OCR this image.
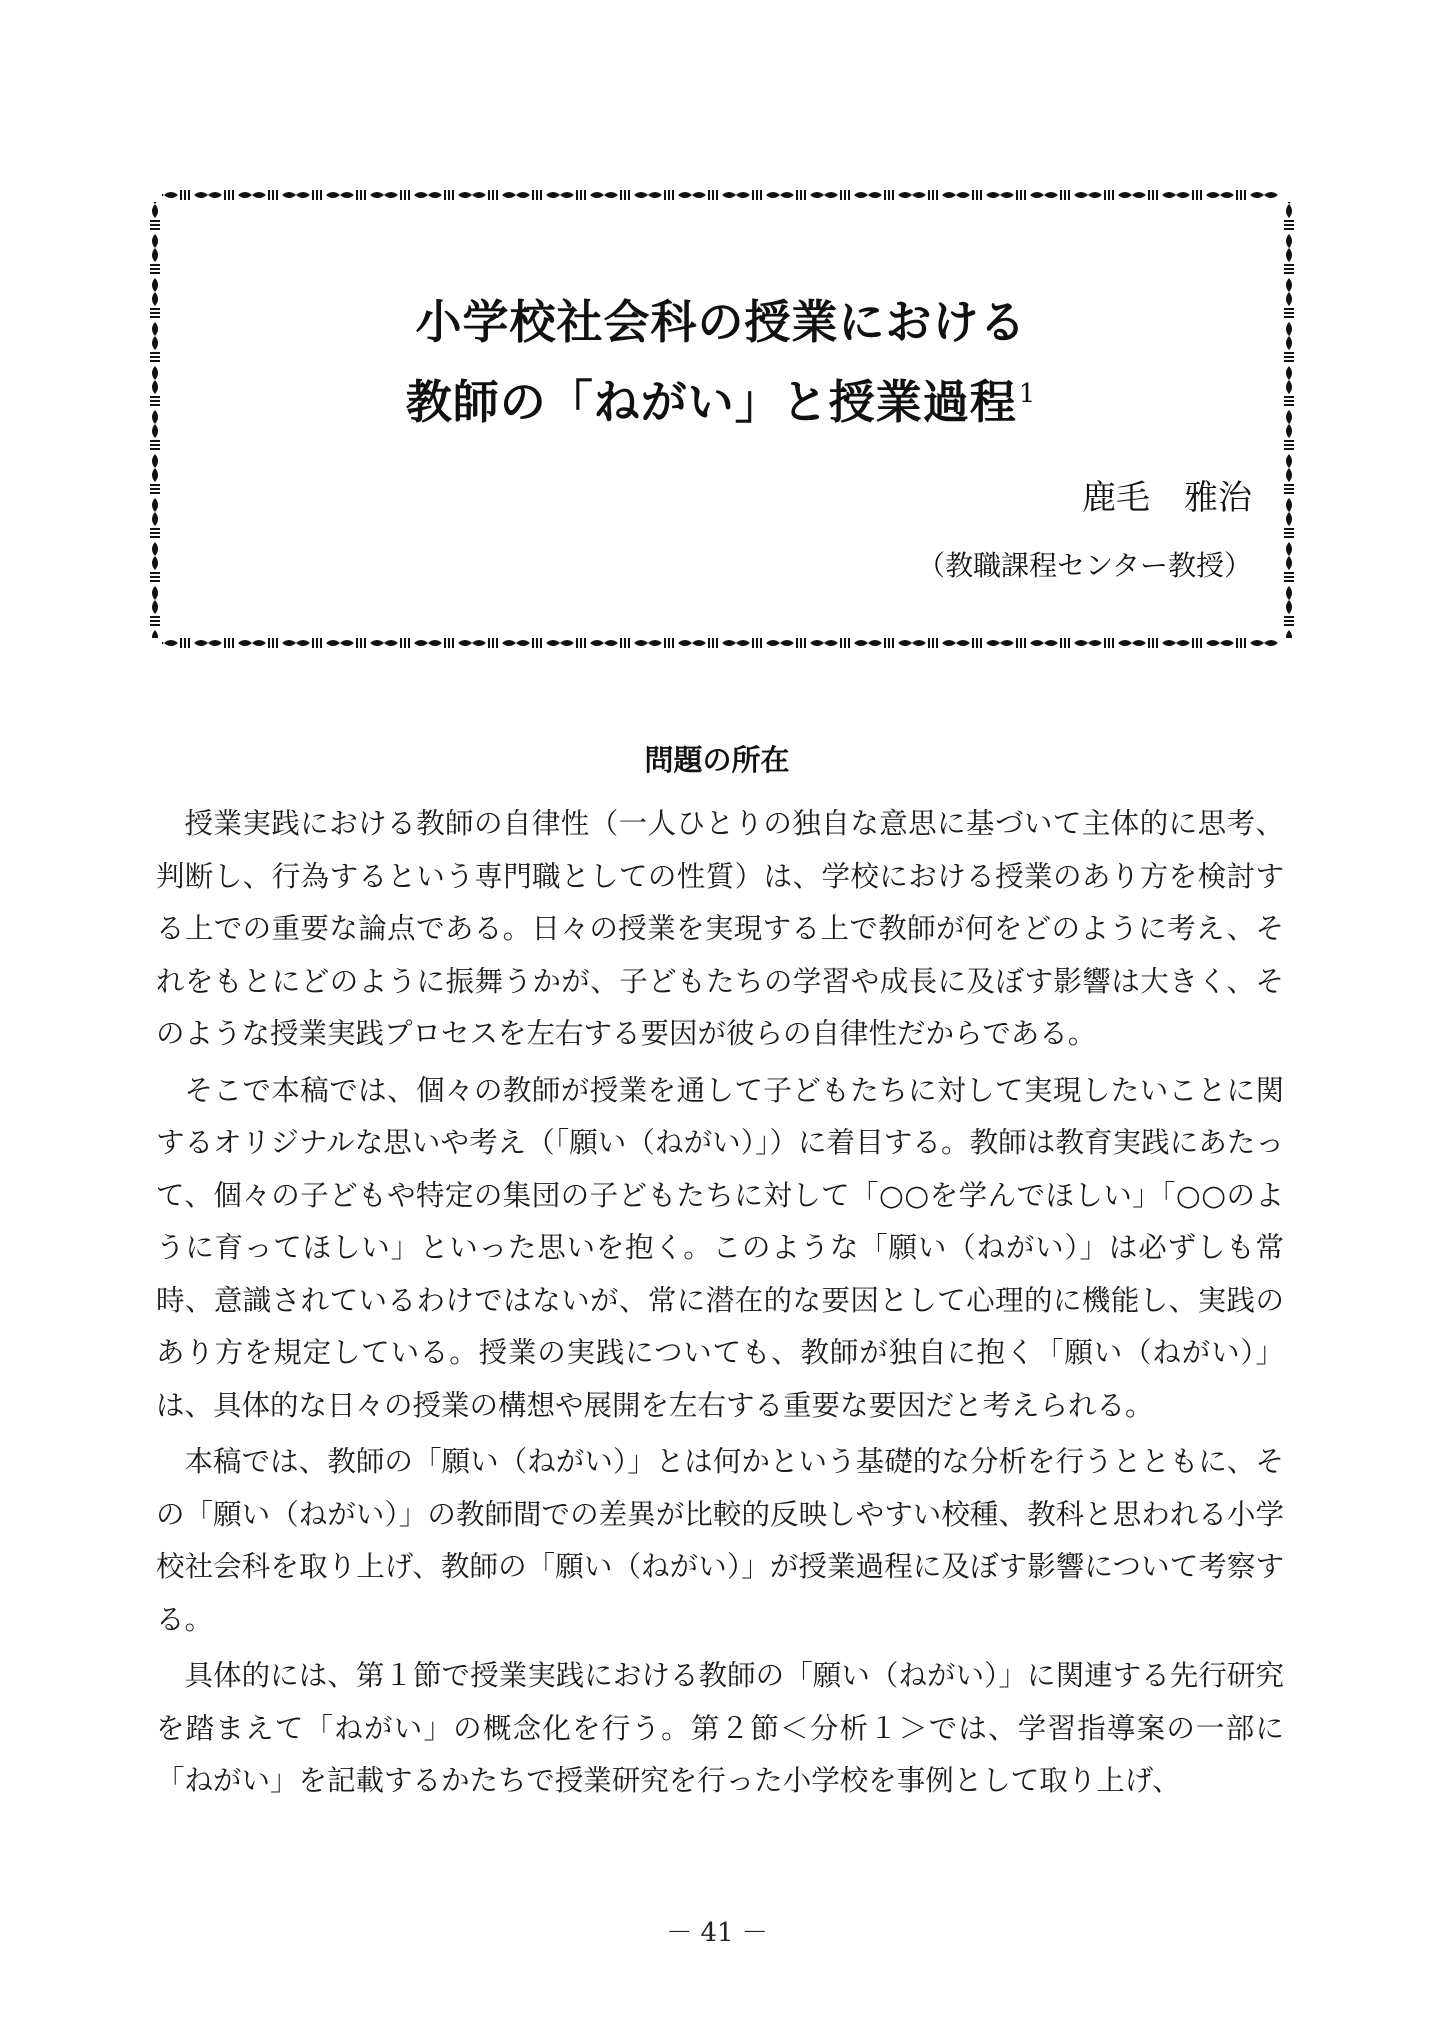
小学校社会科の授業における
教師の「ねがい」と授業過程$^1$
鹿毛　雅治
（教職課程センター教授）
問題の所在

授業実践における教師の自律性（一人ひとりの独自な意思に基づいて主体的に思考、判断し、行為するという専門職としての性質）は、学校における授業のあり方を検討する上での重要な論点である。日々の授業を実現する上で教師が何をどのように考え、それをもとにどのように振舞うかが、子どもたちの学習や成長に及ぼす影響は大きく、そのような授業実践プロセスを左右する要因が彼らの自律性だからである。

そこで本稿では、個々の教師が授業を通して子どもたちに対して実現したいことに関するオリジナルな思いや考え（「願い（ねがい）」）に着目する。教師は教育実践にあたって、個々の子どもや特定の集団の子どもたちに対して「○○を学んでほしい」「○○のように育ってほしい」といった思いを抱く。このような「願い（ねがい）」は必ずしも常時、意識されているわけではないが、常に潜在的な要因として心理的に機能し、実践のあり方を規定している。授業の実践についても、教師が独自に抱く「願い（ねがい）」は、具体的な日々の授業の構想や展開を左右する重要な要因だと考えられる。

本稿では、教師の「願い（ねがい）」とは何かという基礎的な分析を行うとともに、その「願い（ねがい）」の教師間での差異が比較的反映しやすい校種、教科と思われる小学校社会科を取り上げ、教師の「願い（ねがい）」が授業過程に及ぼす影響について考察する。

具体的には、第１節で授業実践における教師の「願い（ねがい）」に関連する先行研究を踏まえて「ねがい」の概念化を行う。第２節＜分析１＞では、学習指導案の一部に「ねがい」を記載するかたちで授業研究を行った小学校を事例として取り上げ、

－ 41 －
